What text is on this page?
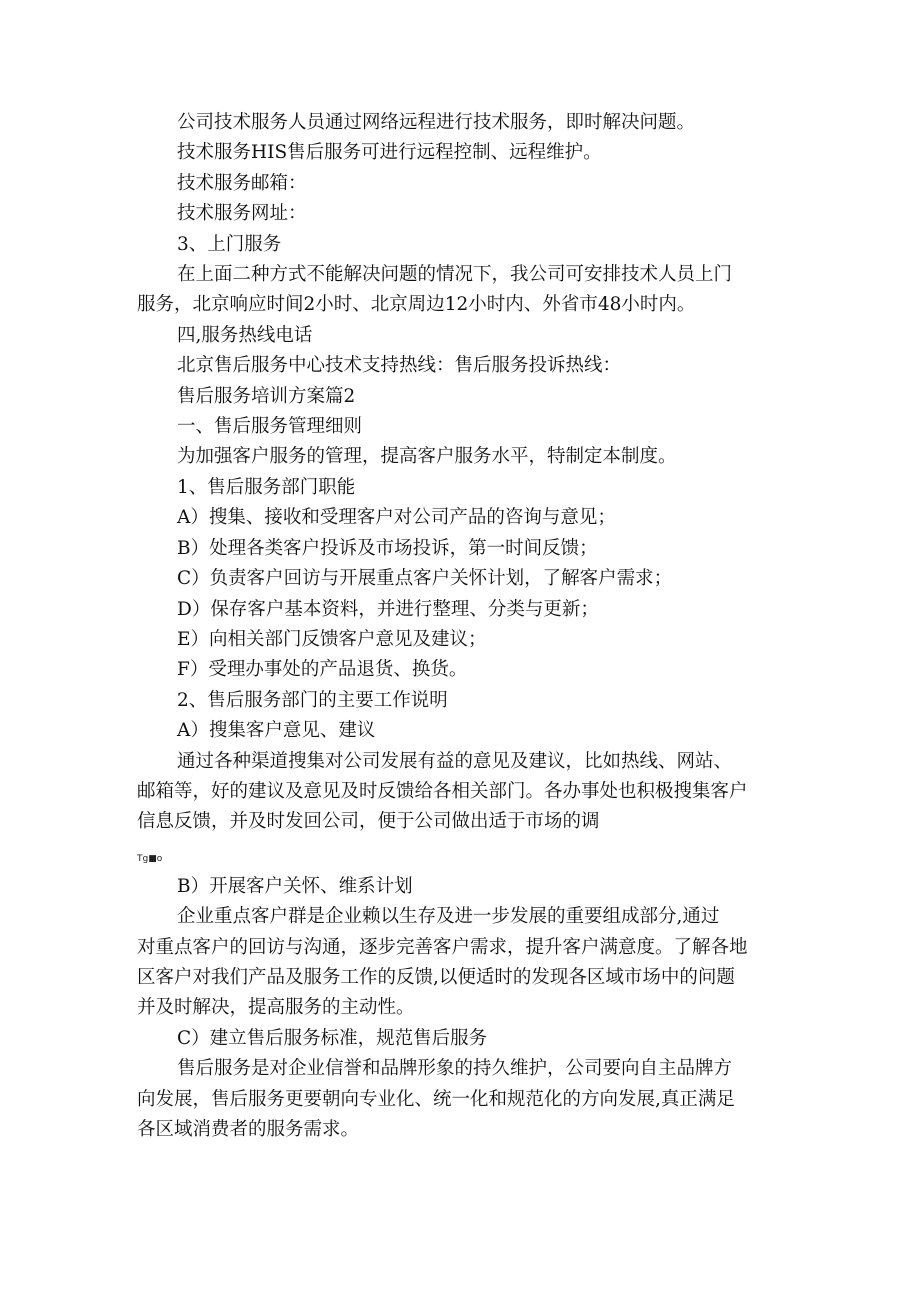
公司技术服务人员通过网络远程进行技术服务，即时解决问题。

技术服务HIS售后服务可进行远程控制、远程维护。

技术服务邮箱：

技术服务网址：

3、上门服务

在上面二种方式不能解决问题的情况下，我公司可安排技术人员上门
服务，北京响应时间2小时、北京周边12小时内、外省市48小时内。

四,服务热线电话

北京售后服务中心技术支持热线：售后服务投诉热线：

售后服务培训方案篇2

一、售后服务管理细则

为加强客户服务的管理，提高客户服务水平，特制定本制度。

1、售后服务部门职能

A）搜集、接收和受理客户对公司产品的咨询与意见；

B）处理各类客户投诉及市场投诉，第一时间反馈；

C）负责客户回访与开展重点客户关怀计划，了解客户需求；

D）保存客户基本资料，并进行整理、分类与更新；

E）向相关部门反馈客户意见及建议；

F）受理办事处的产品退货、换货。

2、售后服务部门的主要工作说明

A）搜集客户意见、建议

通过各种渠道搜集对公司发展有益的意见及建议，比如热线、网站、
邮箱等，好的建议及意见及时反馈给各相关部门。各办事处也积极搜集客户
信息反馈，并及时发回公司，便于公司做出适于市场的调

Tg■o

B）开展客户关怀、维系计划

企业重点客户群是企业赖以生存及进一步发展的重要组成部分,通过
对重点客户的回访与沟通，逐步完善客户需求，提升客户满意度。了解各地
区客户对我们产品及服务工作的反馈,以便适时的发现各区域市场中的问题
并及时解决，提高服务的主动性。

C）建立售后服务标准，规范售后服务

售后服务是对企业信誉和品牌形象的持久维护，公司要向自主品牌方
向发展，售后服务更要朝向专业化、统一化和规范化的方向发展,真正满足
各区域消费者的服务需求。
